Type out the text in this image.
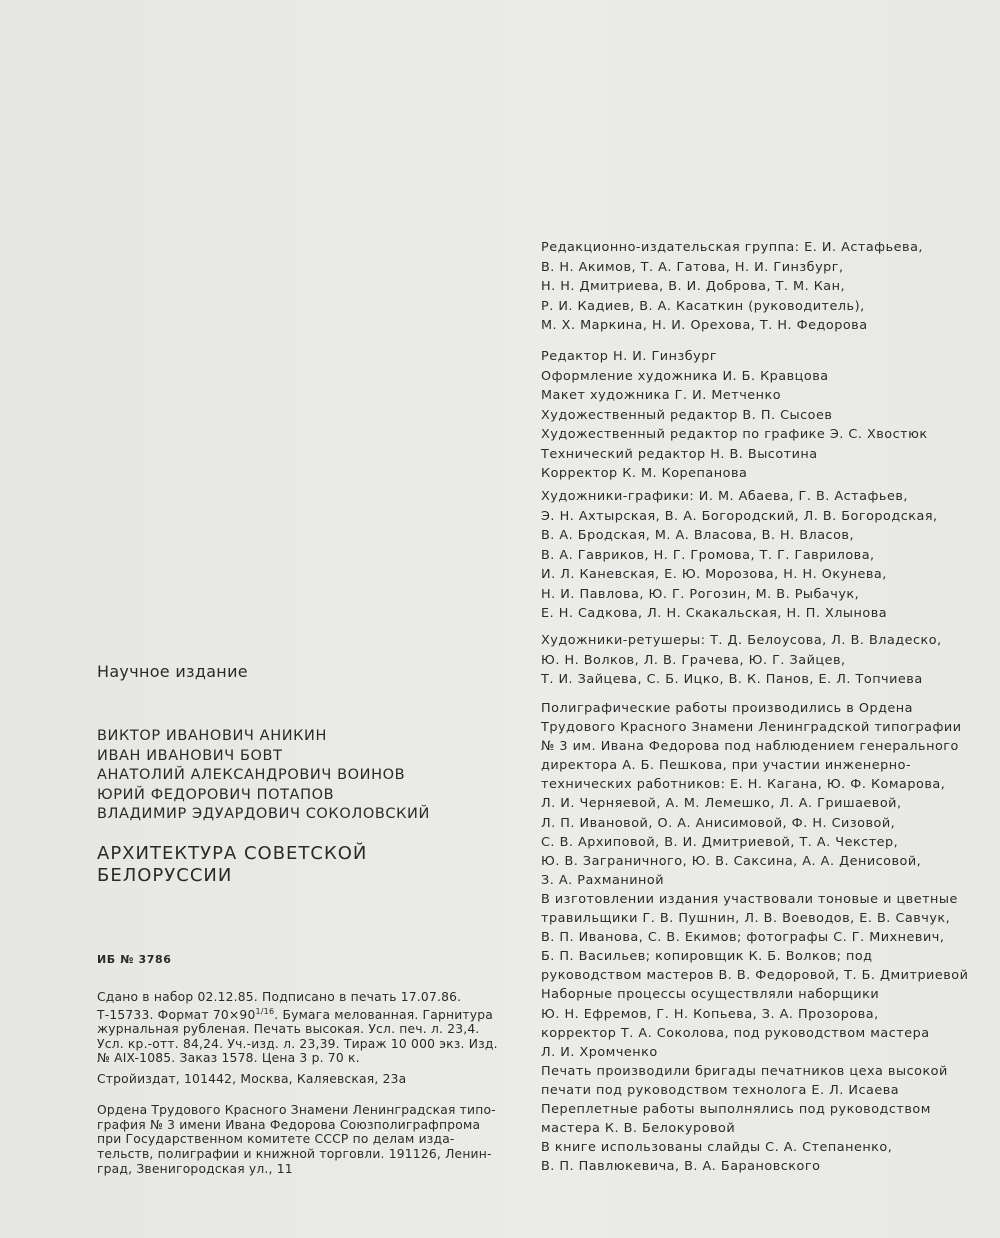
Научное издание
ВИКТОР ИВАНОВИЧ АНИКИН
ИВАН ИВАНОВИЧ БОВТ
АНАТОЛИЙ АЛЕКСАНДРОВИЧ ВОИНОВ
ЮРИЙ ФЕДОРОВИЧ ПОТАПОВ
ВЛАДИМИР ЭДУАРДОВИЧ СОКОЛОВСКИЙ
АРХИТЕКТУРА СОВЕТСКОЙ
БЕЛОРУССИИ
ИБ № 3786
Сдано в набор 02.12.85. Подписано в печать 17.07.86.
Т-15733. Формат $70\times 90^{1/16}$. Бумага мелованная. Гарнитура
журнальная рубленая. Печать высокая. Усл. печ. л. 23,4.
Усл. кр.-отт. 84,24. Уч.-изд. л. 23,39. Тираж 10 000 экз. Изд.
№ АIX-1085. Заказ 1578. Цена 3 р. 70 к.
Стройиздат, 101442, Москва, Каляевская, 23а
Ордена Трудового Красного Знамени Ленинградская типо-
графия № 3 имени Ивана Федорова Союзполиграфпрома
при Государственном комитете СССР по делам изда-
тельств, полиграфии и книжной торговли. 191126, Ленин-
град, Звенигородская ул., 11
Редакционно-издательская группа: Е. И. Астафьева,
В. Н. Акимов, Т. А. Гатова, Н. И. Гинзбург,
Н. Н. Дмитриева, В. И. Доброва, Т. М. Кан,
Р. И. Кадиев, В. А. Касаткин (руководитель),
М. Х. Маркина, Н. И. Орехова, Т. Н. Федорова
Редактор Н. И. Гинзбург
Оформление художника И. Б. Кравцова
Макет художника Г. И. Метченко
Художественный редактор В. П. Сысоев
Художественный редактор по графике Э. С. Хвостюк
Технический редактор Н. В. Высотина
Корректор К. М. Корепанова
Художники-графики: И. М. Абаева, Г. В. Астафьев,
Э. Н. Ахтырская, В. А. Богородский, Л. В. Богородская,
В. А. Бродская, М. А. Власова, В. Н. Власов,
В. А. Гавриков, Н. Г. Громова, Т. Г. Гаврилова,
И. Л. Каневская, Е. Ю. Морозова, Н. Н. Окунева,
Н. И. Павлова, Ю. Г. Рогозин, М. В. Рыбачук,
Е. Н. Садкова, Л. Н. Скакальская, Н. П. Хлынова
Художники-ретушеры: Т. Д. Белоусова, Л. В. Владеско,
Ю. Н. Волков, Л. В. Грачева, Ю. Г. Зайцев,
Т. И. Зайцева, С. Б. Ицко, В. К. Панов, Е. Л. Топчиева
Полиграфические работы производились в Ордена
Трудового Красного Знамени Ленинградской типографии
№ 3 им. Ивана Федорова под наблюдением генерального
директора А. Б. Пешкова, при участии инженерно-
технических работников: Е. Н. Кагана, Ю. Ф. Комарова,
Л. И. Черняевой, А. М. Лемешко, Л. А. Гришаевой,
Л. П. Ивановой, О. А. Анисимовой, Ф. Н. Сизовой,
С. В. Архиповой, В. И. Дмитриевой, Т. А. Чекстер,
Ю. В. Заграничного, Ю. В. Саксина, А. А. Денисовой,
З. А. Рахманиной
В изготовлении издания участвовали тоновые и цветные
травильщики Г. В. Пушнин, Л. В. Воеводов, Е. В. Савчук,
В. П. Иванова, С. В. Екимов; фотографы С. Г. Михневич,
Б. П. Васильев; копировщик К. Б. Волков; под
руководством мастеров В. В. Федоровой, Т. Б. Дмитриевой
Наборные процессы осуществляли наборщики
Ю. Н. Ефремов, Г. Н. Копьева, З. А. Прозорова,
корректор Т. А. Соколова, под руководством мастера
Л. И. Хромченко
Печать производили бригады печатников цеха высокой
печати под руководством технолога Е. Л. Исаева
Переплетные работы выполнялись под руководством
мастера К. В. Белокуровой
В книге использованы слайды С. А. Степаненко,
В. П. Павлюкевича, В. А. Барановского
